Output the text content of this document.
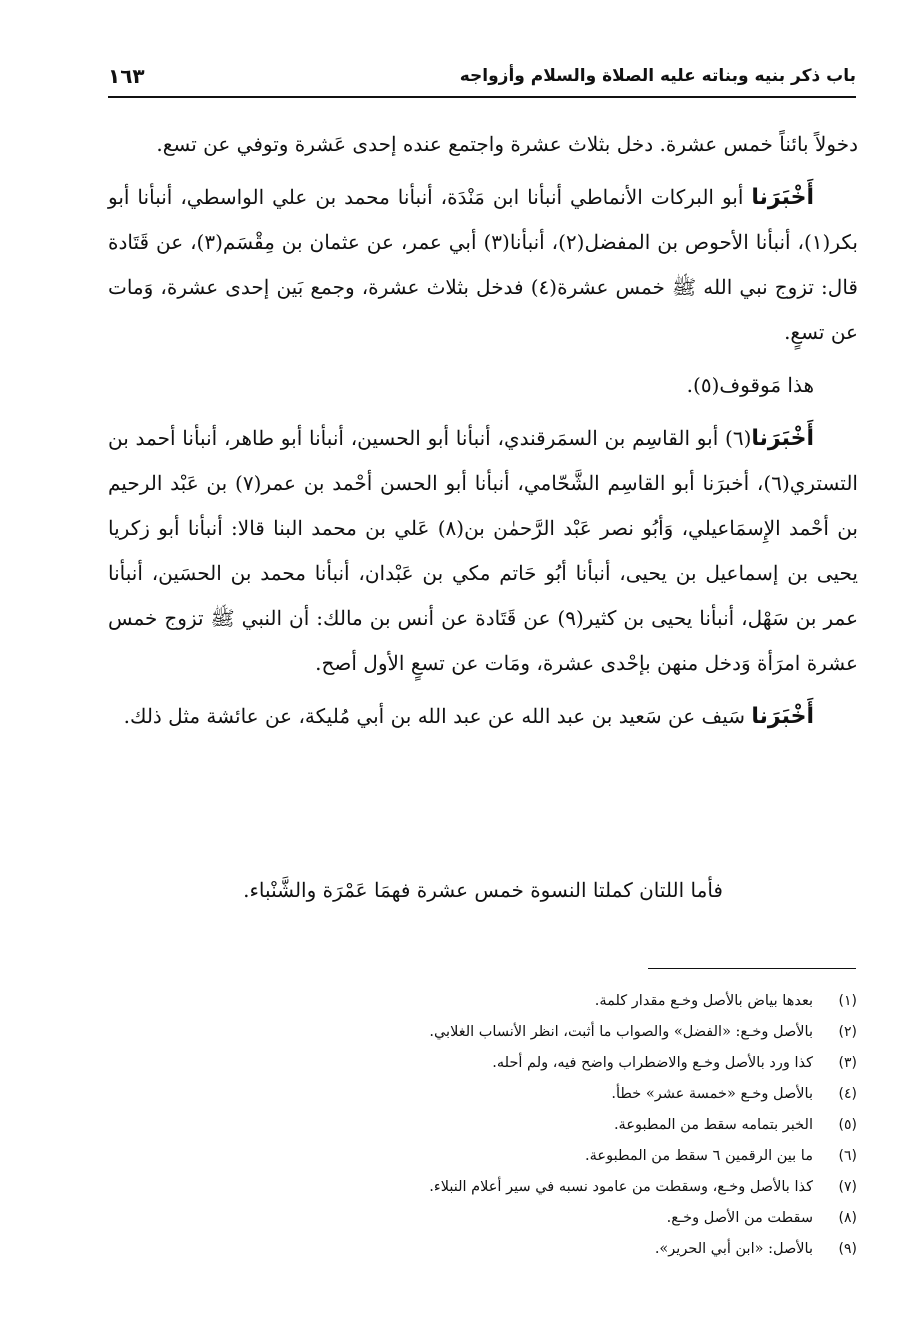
باب ذكر بنيه وبناته عليه الصلاة والسلام وأزواجه
١٦٣

دخولاً بائناً خمس عشرة. دخل بثلاث عشرة واجتمع عنده إحدى عَشرة وتوفي عن تسع.

أَخْبَرَنا أبو البركات الأنماطي أنبأنا ابن مَنْدَة، أنبأنا محمد بن علي الواسطي، أنبأنا أبو بكر(١)، أنبأنا الأحوص بن المفضل(٢)، أنبأنا(٣) أبي عمر، عن عثمان بن مِقْسَم(٣)، عن قَتَادة قال: تزوج نبي الله ﷺ خمس عشرة(٤) فدخل بثلاث عشرة، وجمع بَين إحدى عشرة، وَمات عن تسعٍ.

هذا مَوقوف(٥).

أَخْبَرَنا(٦) أبو القاسِم بن السمَرقندي، أنبأنا أبو الحسين، أنبأنا أبو طاهر، أنبأنا أحمد بن التستري(٦)، أخبرَنا أبو القاسِم الشَّحّامي، أنبأنا أبو الحسن أحْمد بن عمر(٧) بن عَبْد الرحيم بن أحْمد الإِسمَاعيلي، وَأبُو نصر عَبْد الرَّحمٰن بن(٨) عَلي بن محمد البنا قالا: أنبأنا أبو زكريا يحيى بن إسماعيل بن يحيى، أنبأنا أبُو حَاتم مكي بن عَبْدان، أنبأنا محمد بن الحسَين، أنبأنا عمر بن سَهْل، أنبأنا يحيى بن كثير(٩) عن قَتَادة عن أنس بن مالك: أن النبي ﷺ تزوج خمس عشرة امرَأة وَدخل منهن بإحْدى عشرة، ومَات عن تسعٍ الأول أصح.

أَخْبَرَنا سَيف عن سَعيد بن عبد الله عن عبد الله بن أبي مُليكة، عن عائشة مثل ذلك.

فأما اللتان كملتا النسوة خمس عشرة فهمَا عَمْرَة والشَّنْباء.
(١)
بعدها بياض بالأصل وخـع مقدار كلمة.
(٢)
بالأصل وخـع: «الفضل» والصواب ما أثبت، انظر الأنساب الغلابي.
(٣)
كذا ورد بالأصل وخـع والاضطراب واضح فيه، ولم أحله.
(٤)
بالأصل وخـع «خمسة عشر» خطأ.
(٥)
الخبر بتمامه سقط من المطبوعة.
(٦)
ما بين الرقمين ٦ سقط من المطبوعة.
(٧)
كذا بالأصل وخـع، وسقطت من عامود نسبه في سير أعلام النبلاء.
(٨)
سقطت من الأصل وخـع.
(٩)
بالأصل: «ابن أبي الحرير».
